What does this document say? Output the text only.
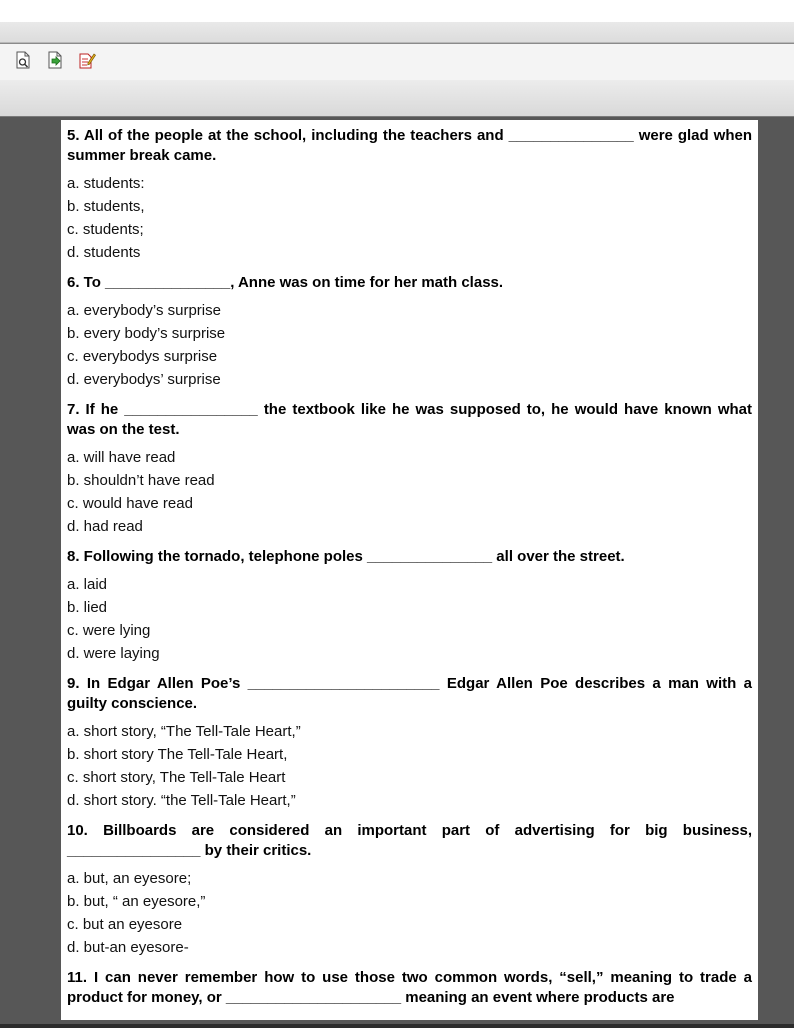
5. All of the people at the school, including the teachers and _______________ were glad when summer break came.
a. students:
b. students,
c. students;
d. students
6. To _______________, Anne was on time for her math class.
a. everybody’s surprise
b. every body’s surprise
c. everybodys surprise
d. everybodys’ surprise
7. If he ________________ the textbook like he was supposed to, he would have known what was on the test.
a. will have read
b. shouldn’t have read
c. would have read
d. had read
8. Following the tornado, telephone poles _______________ all over the street.
a. laid
b. lied
c. were lying
d. were laying
9. In Edgar Allen Poe’s _______________________ Edgar Allen Poe describes a man with a guilty conscience.
a. short story, “The Tell-Tale Heart,”
b. short story The Tell-Tale Heart,
c. short story, The Tell-Tale Heart
d. short story. “the Tell-Tale Heart,”
10. Billboards are considered an important part of advertising for big business, ________________ by their critics.
a. but, an eyesore;
b. but, “ an eyesore,”
c. but an eyesore
d. but-an eyesore-
11. I can never remember how to use those two common words, “sell,” meaning to trade a product for money, or _____________________ meaning an event where products are
